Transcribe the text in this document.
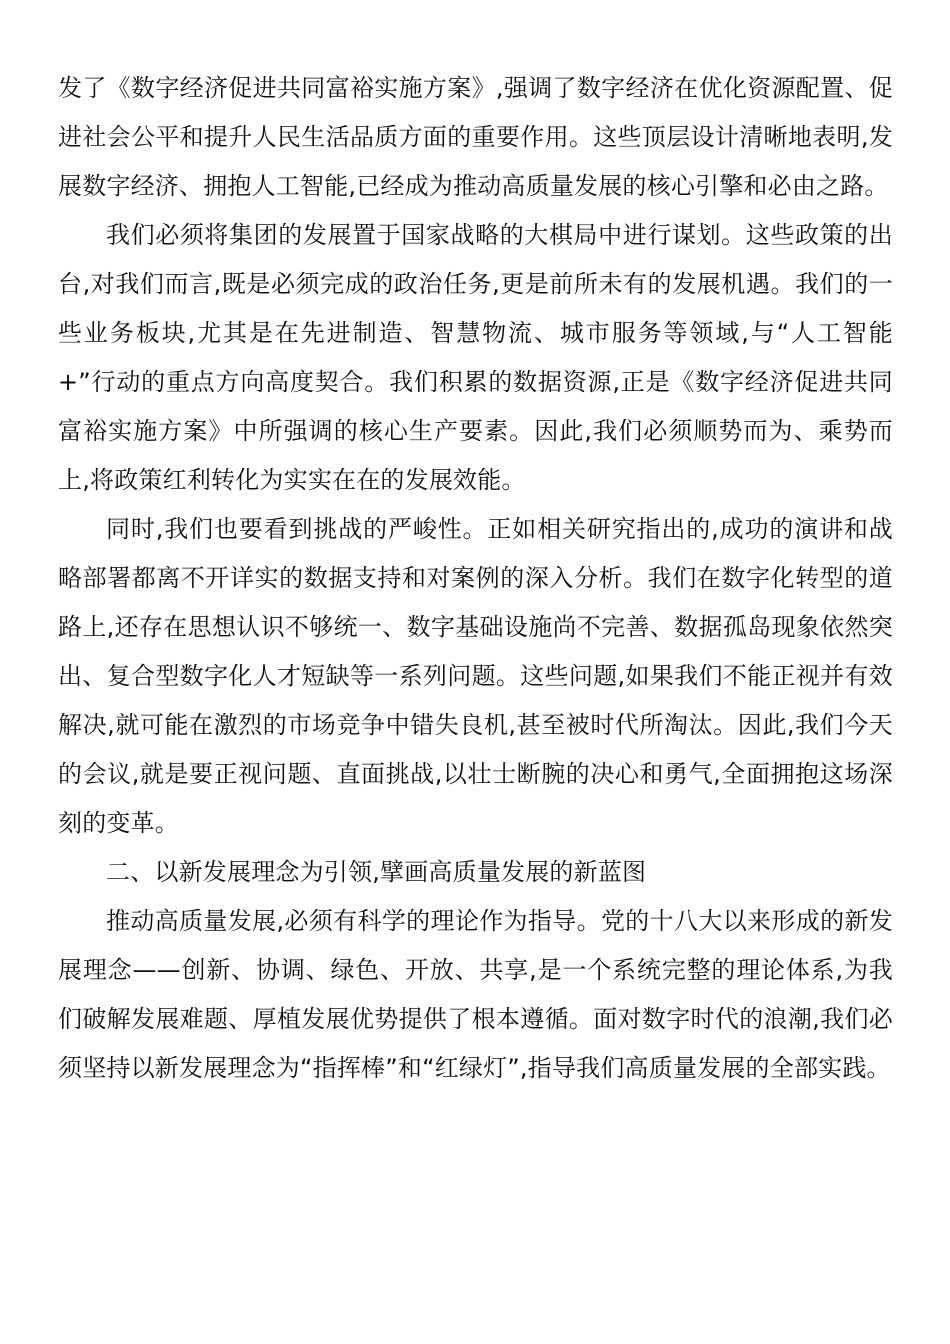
发了《数字经济促进共同富裕实施方案》,强调了数字经济在优化资源配置、促进社会公平和提升人民生活品质方面的重要作用。这些顶层设计清晰地表明,发展数字经济、拥抱人工智能,已经成为推动高质量发展的核心引擎和必由之路。

我们必须将集团的发展置于国家战略的大棋局中进行谋划。这些政策的出台,对我们而言,既是必须完成的政治任务,更是前所未有的发展机遇。我们的一些业务板块,尤其是在先进制造、智慧物流、城市服务等领域,与“人工智能+”行动的重点方向高度契合。我们积累的数据资源,正是《数字经济促进共同富裕实施方案》中所强调的核心生产要素。因此,我们必须顺势而为、乘势而上,将政策红利转化为实实在在的发展效能。

同时,我们也要看到挑战的严峻性。正如相关研究指出的,成功的演讲和战略部署都离不开详实的数据支持和对案例的深入分析。我们在数字化转型的道路上,还存在思想认识不够统一、数字基础设施尚不完善、数据孤岛现象依然突出、复合型数字化人才短缺等一系列问题。这些问题,如果我们不能正视并有效解决,就可能在激烈的市场竞争中错失良机,甚至被时代所淘汰。因此,我们今天的会议,就是要正视问题、直面挑战,以壮士断腕的决心和勇气,全面拥抱这场深刻的变革。

二、以新发展理念为引领,擘画高质量发展的新蓝图

推动高质量发展,必须有科学的理论作为指导。党的十八大以来形成的新发展理念——创新、协调、绿色、开放、共享,是一个系统完整的理论体系,为我们破解发展难题、厚植发展优势提供了根本遵循。面对数字时代的浪潮,我们必须坚持以新发展理念为“指挥棒”和“红绿灯”,指导我们高质量发展的全部实践。
